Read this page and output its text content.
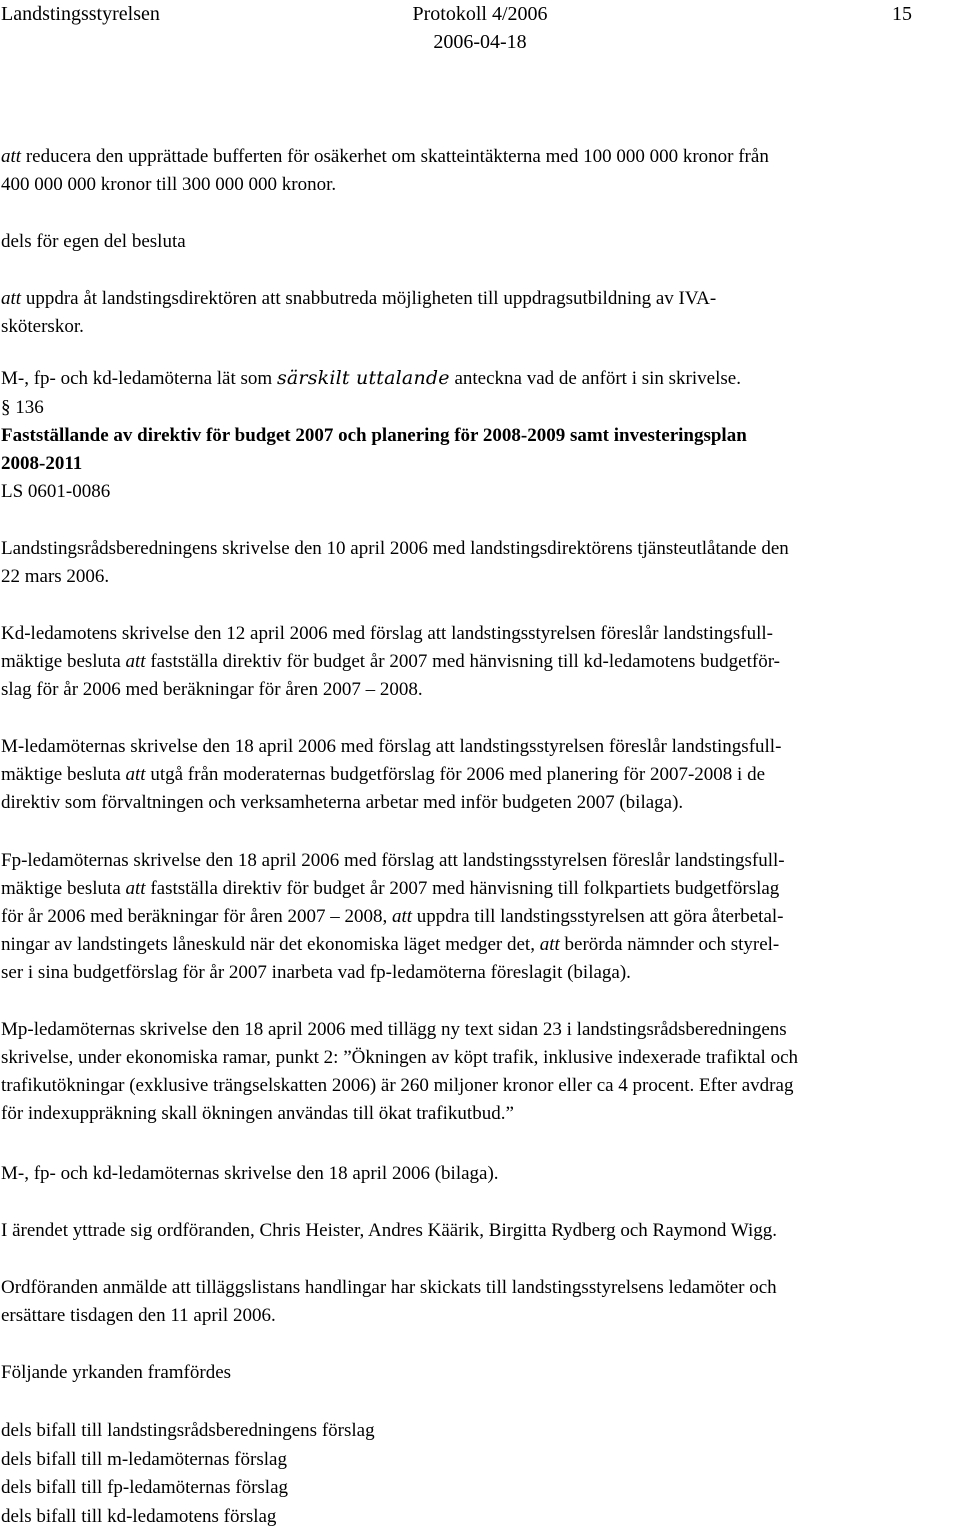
Landstingsstyrelsen	Protokoll 4/2006
2006-04-18
15

att reducera den upprättade bufferten för osäkerhet om skatteintäkterna med 100 000 000 kronor från

400 000 000 kronor till 300 000 000 kronor.

dels för egen del besluta

att uppdra åt landstingsdirektören att snabbutreda möjligheten till uppdragsutbildning av IVA-

sköterskor.

M-, fp- och kd-ledamöterna lät som särskilt uttalande anteckna vad de anfört i sin skrivelse.

§ 136

Fastställande av direktiv för budget 2007 och planering för 2008-2009 samt investeringsplan

2008-2011

LS 0601-0086

Landstingsrådsberedningens skrivelse den 10 april 2006 med landstingsdirektörens tjänsteutlåtande den

22 mars 2006.

Kd-ledamotens skrivelse den 12 april 2006 med förslag att landstingsstyrelsen föreslår landstingsfull-

mäktige besluta att fastställa direktiv för budget år 2007 med hänvisning till kd-ledamotens budgetför-

slag för år 2006 med beräkningar för åren 2007 – 2008.

M-ledamöternas skrivelse den 18 april 2006 med förslag att landstingsstyrelsen föreslår landstingsfull-

mäktige besluta att utgå från moderaternas budgetförslag för 2006 med planering för 2007-2008 i de

direktiv som förvaltningen och verksamheterna arbetar med inför budgeten 2007 (bilaga).

Fp-ledamöternas skrivelse den 18 april 2006 med förslag att landstingsstyrelsen föreslår landstingsfull-

mäktige besluta att fastställa direktiv för budget år 2007 med hänvisning till folkpartiets budgetförslag

för år 2006 med beräkningar för åren 2007 – 2008, att uppdra till landstingsstyrelsen att göra återbetal-

ningar av landstingets låneskuld när det ekonomiska läget medger det, att berörda nämnder och styrel-

ser i sina budgetförslag för år 2007 inarbeta vad fp-ledamöterna föreslagit (bilaga).

Mp-ledamöternas skrivelse den 18 april 2006 med tillägg ny text sidan 23 i landstingsrådsberedningens

skrivelse, under ekonomiska ramar, punkt 2: ”Ökningen av köpt trafik, inklusive indexerade trafiktal och

trafikutökningar (exklusive trängselskatten 2006) är 260 miljoner kronor eller ca 4 procent. Efter avdrag

för indexuppräkning skall ökningen användas till ökat trafikutbud.”

M-, fp- och kd-ledamöternas skrivelse den 18 april 2006 (bilaga).

I ärendet yttrade sig ordföranden, Chris Heister, Andres Käärik, Birgitta Rydberg och Raymond Wigg.

Ordföranden anmälde att tilläggslistans handlingar har skickats till landstingsstyrelsens ledamöter och

ersättare tisdagen den 11 april 2006.

Följande yrkanden framfördes

dels bifall till landstingsrådsberedningens förslag

dels bifall till m-ledamöternas förslag

dels bifall till fp-ledamöternas förslag

dels bifall till kd-ledamotens förslag
